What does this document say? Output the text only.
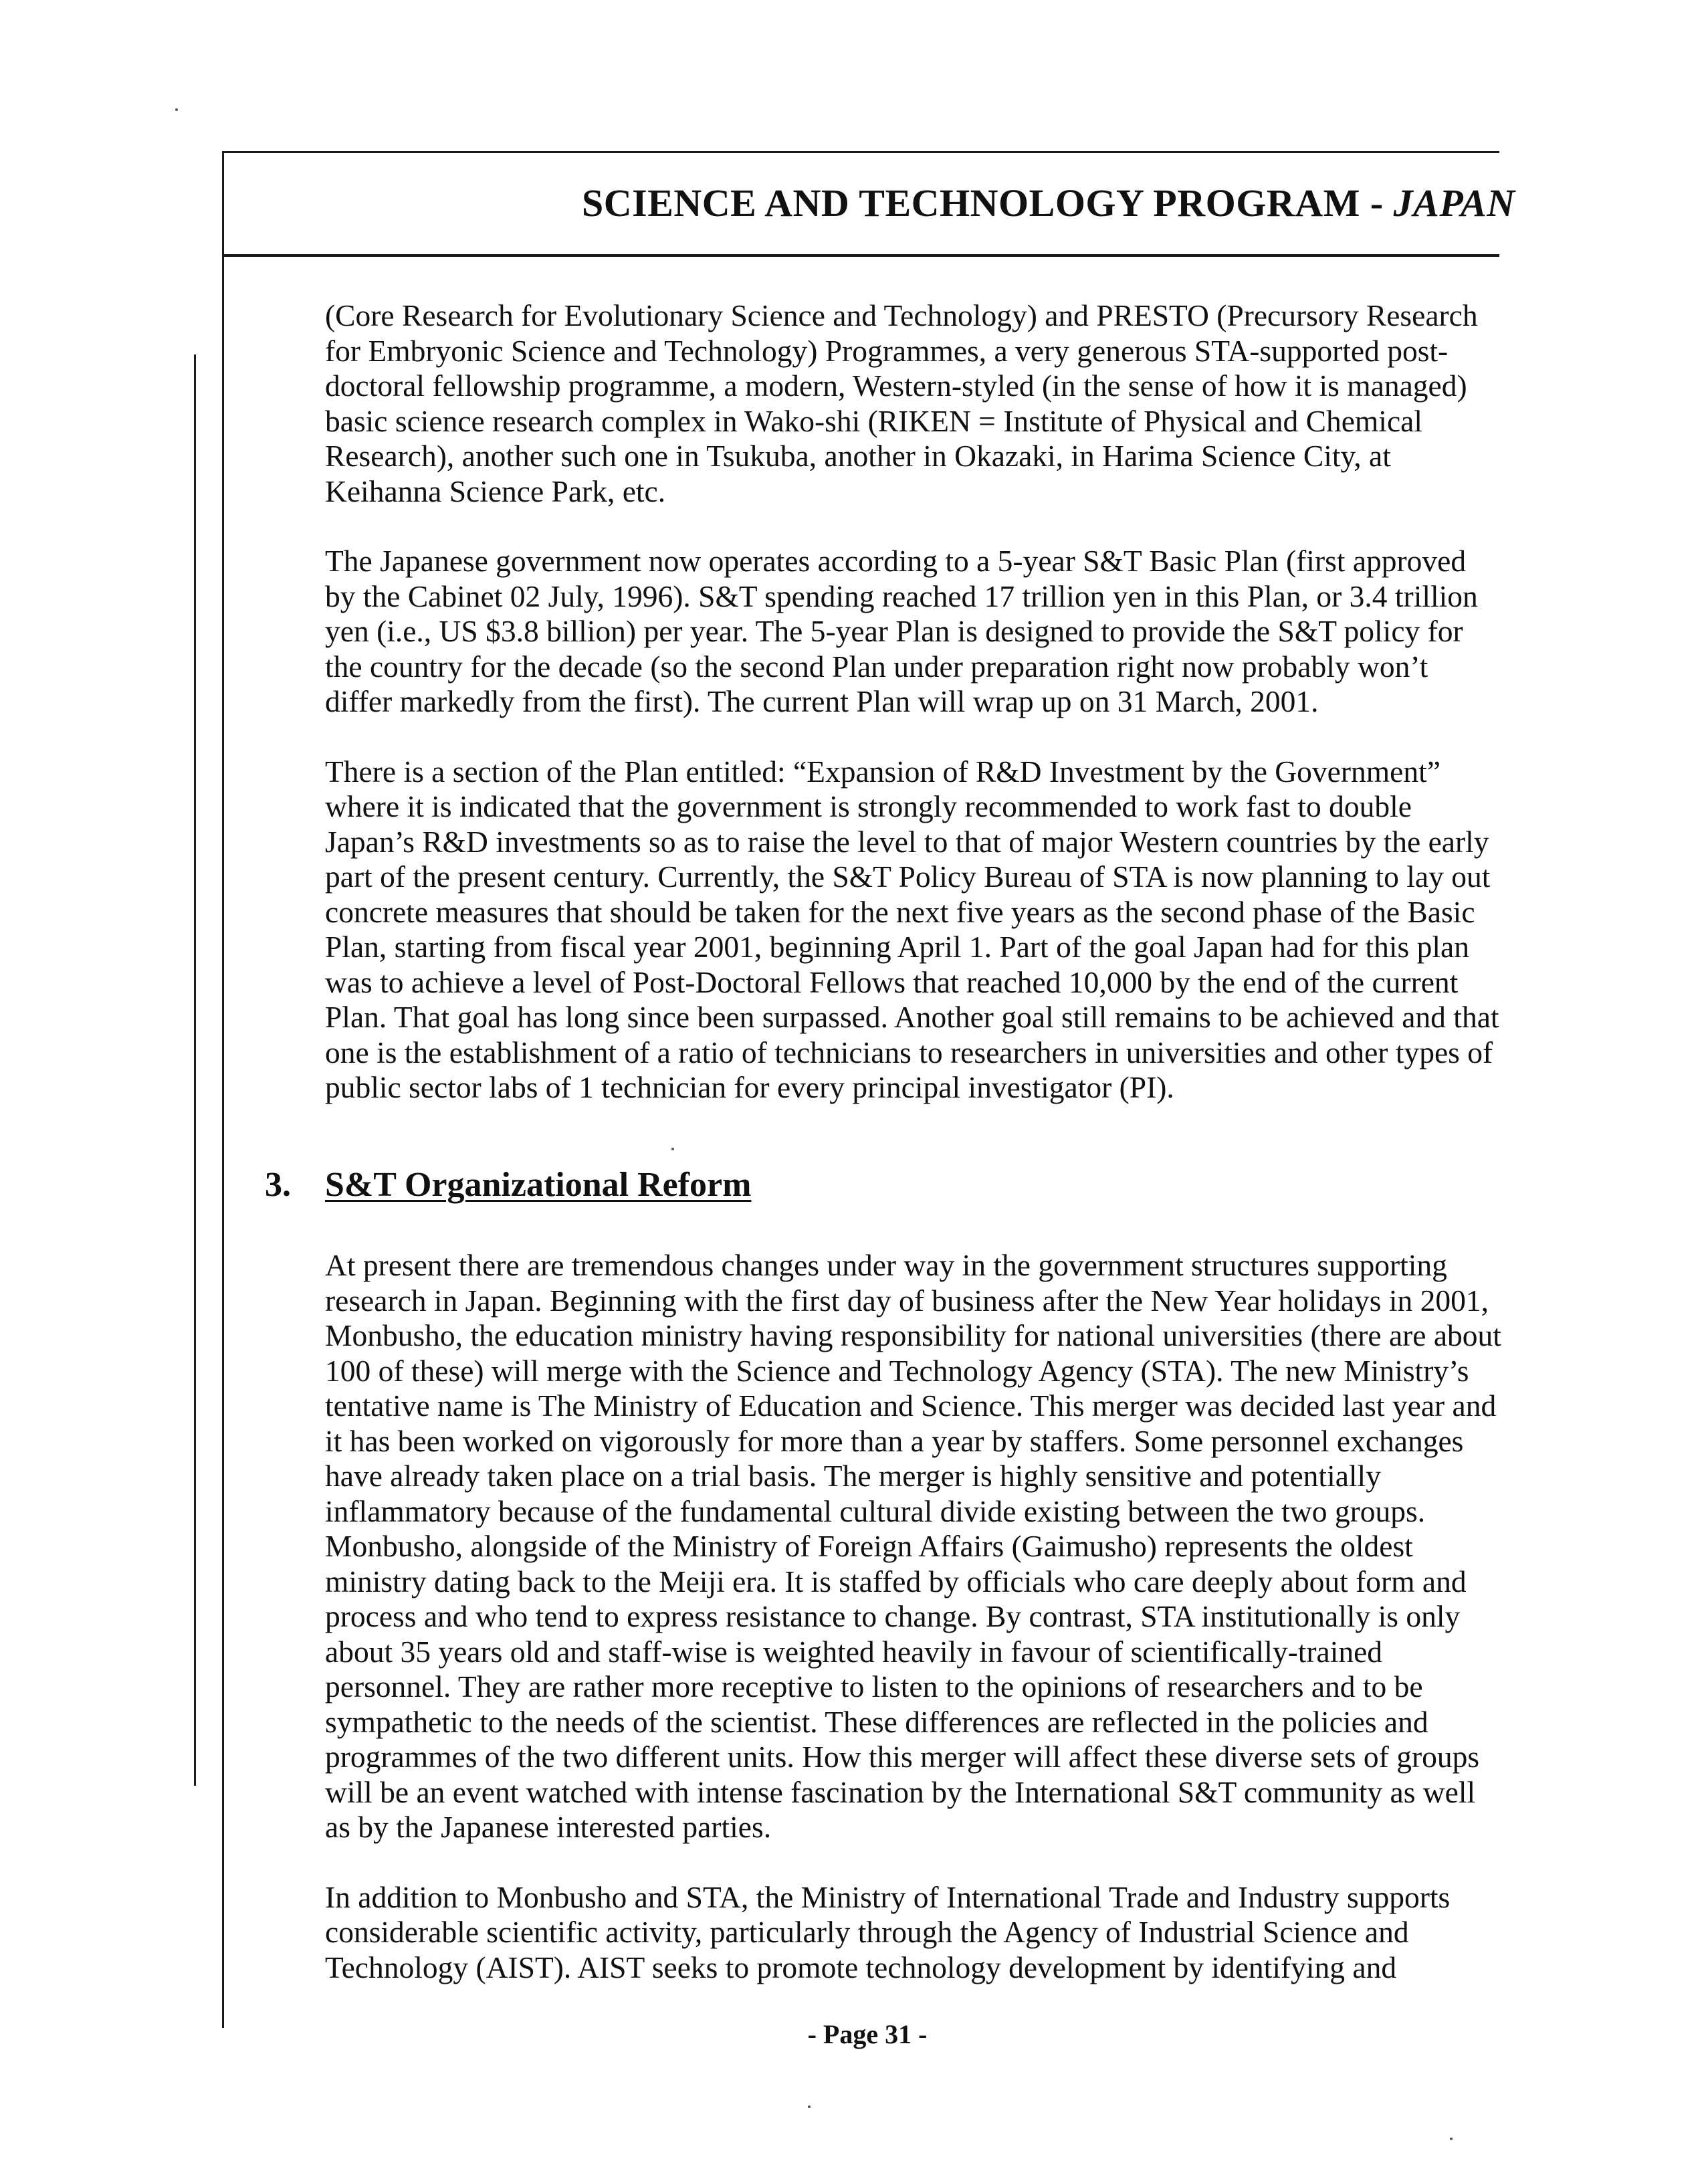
SCIENCE AND TECHNOLOGY PROGRAM - JAPAN

(Core Research for Evolutionary Science and Technology) and PRESTO (Precursory Research for Embryonic Science and Technology) Programmes, a very generous STA-supported post-doctoral fellowship programme, a modern, Western-styled (in the sense of how it is managed) basic science research complex in Wako-shi (RIKEN = Institute of Physical and Chemical Research), another such one in Tsukuba, another in Okazaki, in Harima Science City, at Keihanna Science Park, etc.

The Japanese government now operates according to a 5-year S&T Basic Plan (first approved by the Cabinet 02 July, 1996). S&T spending reached 17 trillion yen in this Plan, or 3.4 trillion yen (i.e., US $3.8 billion) per year. The 5-year Plan is designed to provide the S&T policy for the country for the decade (so the second Plan under preparation right now probably won’t differ markedly from the first). The current Plan will wrap up on 31 March, 2001.

There is a section of the Plan entitled: “Expansion of R&D Investment by the Government” where it is indicated that the government is strongly recommended to work fast to double Japan’s R&D investments so as to raise the level to that of major Western countries by the early part of the present century. Currently, the S&T Policy Bureau of STA is now planning to lay out concrete measures that should be taken for the next five years as the second phase of the Basic Plan, starting from fiscal year 2001, beginning April 1. Part of the goal Japan had for this plan was to achieve a level of Post-Doctoral Fellows that reached 10,000 by the end of the current Plan. That goal has long since been surpassed. Another goal still remains to be achieved and that one is the establishment of a ratio of technicians to researchers in universities and other types of public sector labs of 1 technician for every principal investigator (PI).

3. S&T Organizational Reform

At present there are tremendous changes under way in the government structures supporting research in Japan. Beginning with the first day of business after the New Year holidays in 2001, Monbusho, the education ministry having responsibility for national universities (there are about 100 of these) will merge with the Science and Technology Agency (STA). The new Ministry’s tentative name is The Ministry of Education and Science. This merger was decided last year and it has been worked on vigorously for more than a year by staffers. Some personnel exchanges have already taken place on a trial basis. The merger is highly sensitive and potentially inflammatory because of the fundamental cultural divide existing between the two groups. Monbusho, alongside of the Ministry of Foreign Affairs (Gaimusho) represents the oldest ministry dating back to the Meiji era. It is staffed by officials who care deeply about form and process and who tend to express resistance to change. By contrast, STA institutionally is only about 35 years old and staff-wise is weighted heavily in favour of scientifically-trained personnel. They are rather more receptive to listen to the opinions of researchers and to be sympathetic to the needs of the scientist. These differences are reflected in the policies and programmes of the two different units. How this merger will affect these diverse sets of groups will be an event watched with intense fascination by the International S&T community as well as by the Japanese interested parties.

In addition to Monbusho and STA, the Ministry of International Trade and Industry supports considerable scientific activity, particularly through the Agency of Industrial Science and Technology (AIST). AIST seeks to promote technology development by identifying and

- Page 31 -
